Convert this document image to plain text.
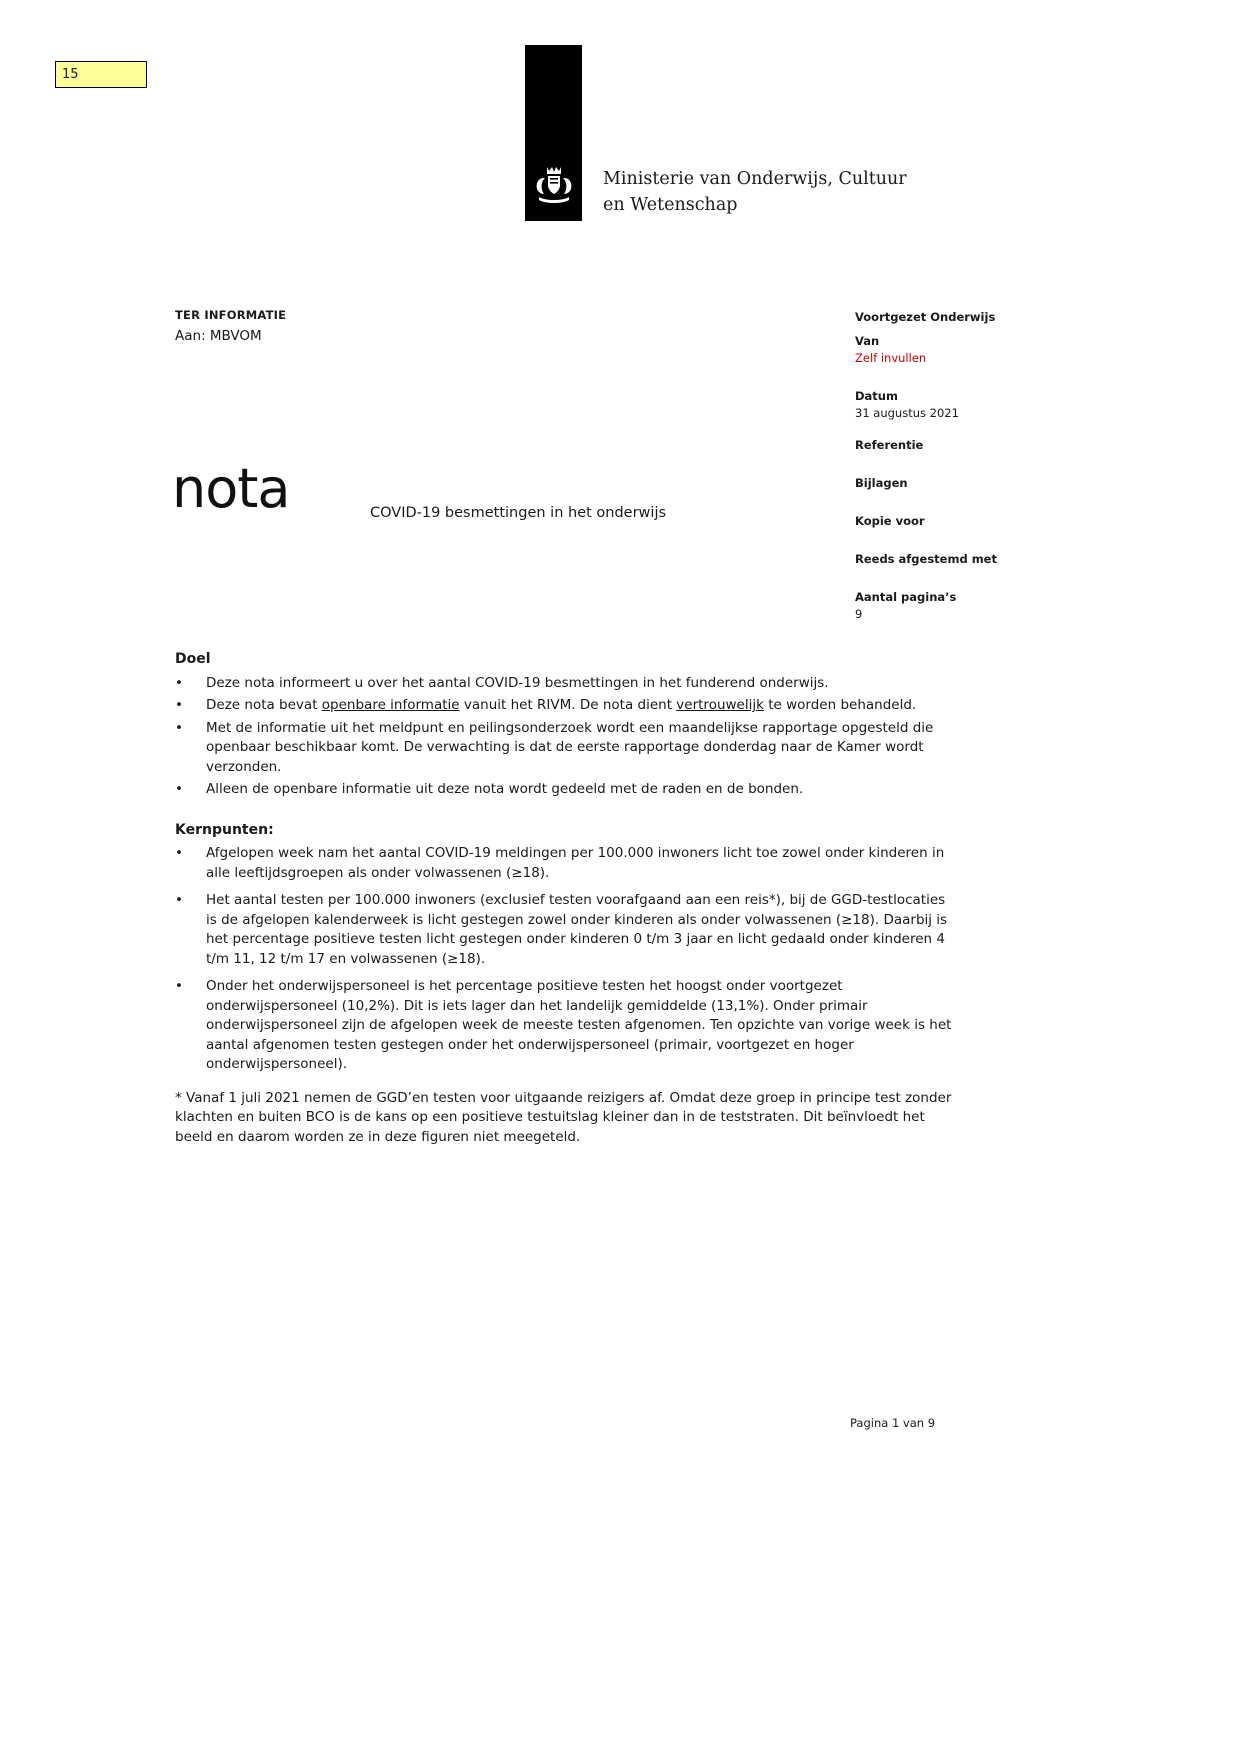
15
Ministerie van Onderwijs, Cultuur en Wetenschap
TER INFORMATIE
Aan: MBVOM
Voortgezet Onderwijs
Van
Zelf invullen
Datum
31 augustus 2021
Referentie
Bijlagen
Kopie voor
Reeds afgestemd met
Aantal pagina’s
9
nota	COVID-19 besmettingen in het onderwijs
Doel
•	Deze nota informeert u over het aantal COVID-19 besmettingen in het funderend onderwijs.
•	Deze nota bevat openbare informatie vanuit het RIVM. De nota dient vertrouwelijk te worden behandeld.
•	Met de informatie uit het meldpunt en peilingsonderzoek wordt een maandelijkse rapportage opgesteld die openbaar beschikbaar komt. De verwachting is dat de eerste rapportage donderdag naar de Kamer wordt verzonden.
•	Alleen de openbare informatie uit deze nota wordt gedeeld met de raden en de bonden.
Kernpunten:
•	Afgelopen week nam het aantal COVID-19 meldingen per 100.000 inwoners licht toe zowel onder kinderen in alle leeftijdsgroepen als onder volwassenen (≥18).
•	Het aantal testen per 100.000 inwoners (exclusief testen voorafgaand aan een reis*), bij de GGD-testlocaties is de afgelopen kalenderweek is licht gestegen zowel onder kinderen als onder volwassenen (≥18). Daarbij is het percentage positieve testen licht gestegen onder kinderen 0 t/m 3 jaar en licht gedaald onder kinderen 4 t/m 11, 12 t/m 17 en volwassenen (≥18).
•	Onder het onderwijspersoneel is het percentage positieve testen het hoogst onder voortgezet onderwijspersoneel (10,2%). Dit is iets lager dan het landelijk gemiddelde (13,1%). Onder primair onderwijspersoneel zijn de afgelopen week de meeste testen afgenomen. Ten opzichte van vorige week is het aantal afgenomen testen gestegen onder het onderwijspersoneel (primair, voortgezet en hoger onderwijspersoneel).
* Vanaf 1 juli 2021 nemen de GGD’en testen voor uitgaande reizigers af. Omdat deze groep in principe test zonder klachten en buiten BCO is de kans op een positieve testuitslag kleiner dan in de teststraten. Dit beïnvloedt het beeld en daarom worden ze in deze figuren niet meegeteld.
Pagina 1 van 9
